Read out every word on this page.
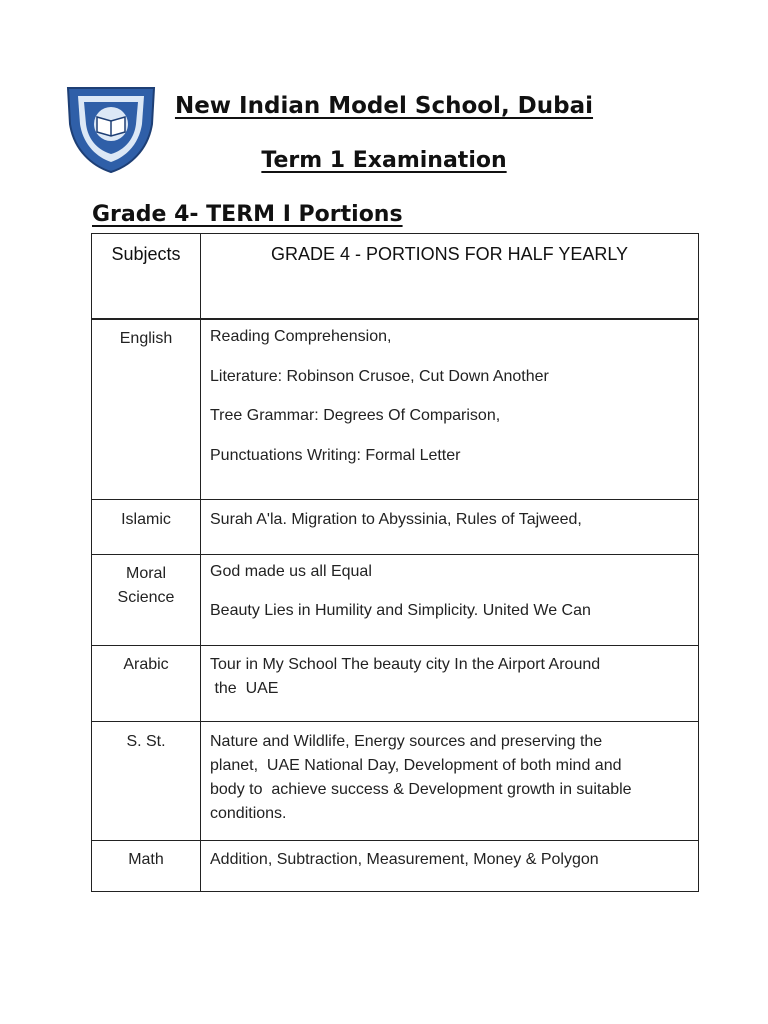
New Indian Model School, Dubai
Term 1 Examination
Grade 4- TERM I Portions
Subjects	GRADE 4 - PORTIONS FOR HALF YEARLY
English	Reading Comprehension,
Literature: Robinson Crusoe, Cut Down Another
Tree Grammar: Degrees Of Comparison,
Punctuations Writing: Formal Letter

Islamic	Surah A'la. Migration to Abyssinia, Rules of Tajweed,

Moral
Science	God made us all Equal
Beauty Lies in Humility and Simplicity. United We Can

Arabic	Tour in My School The beauty city In the Airport Around
the  UAE

S. St.	Nature and Wildlife, Energy sources and preserving the
planet,  UAE National Day, Development of both mind and
body to  achieve success & Development growth in suitable
conditions.

Math	Addition, Subtraction, Measurement, Money & Polygon
